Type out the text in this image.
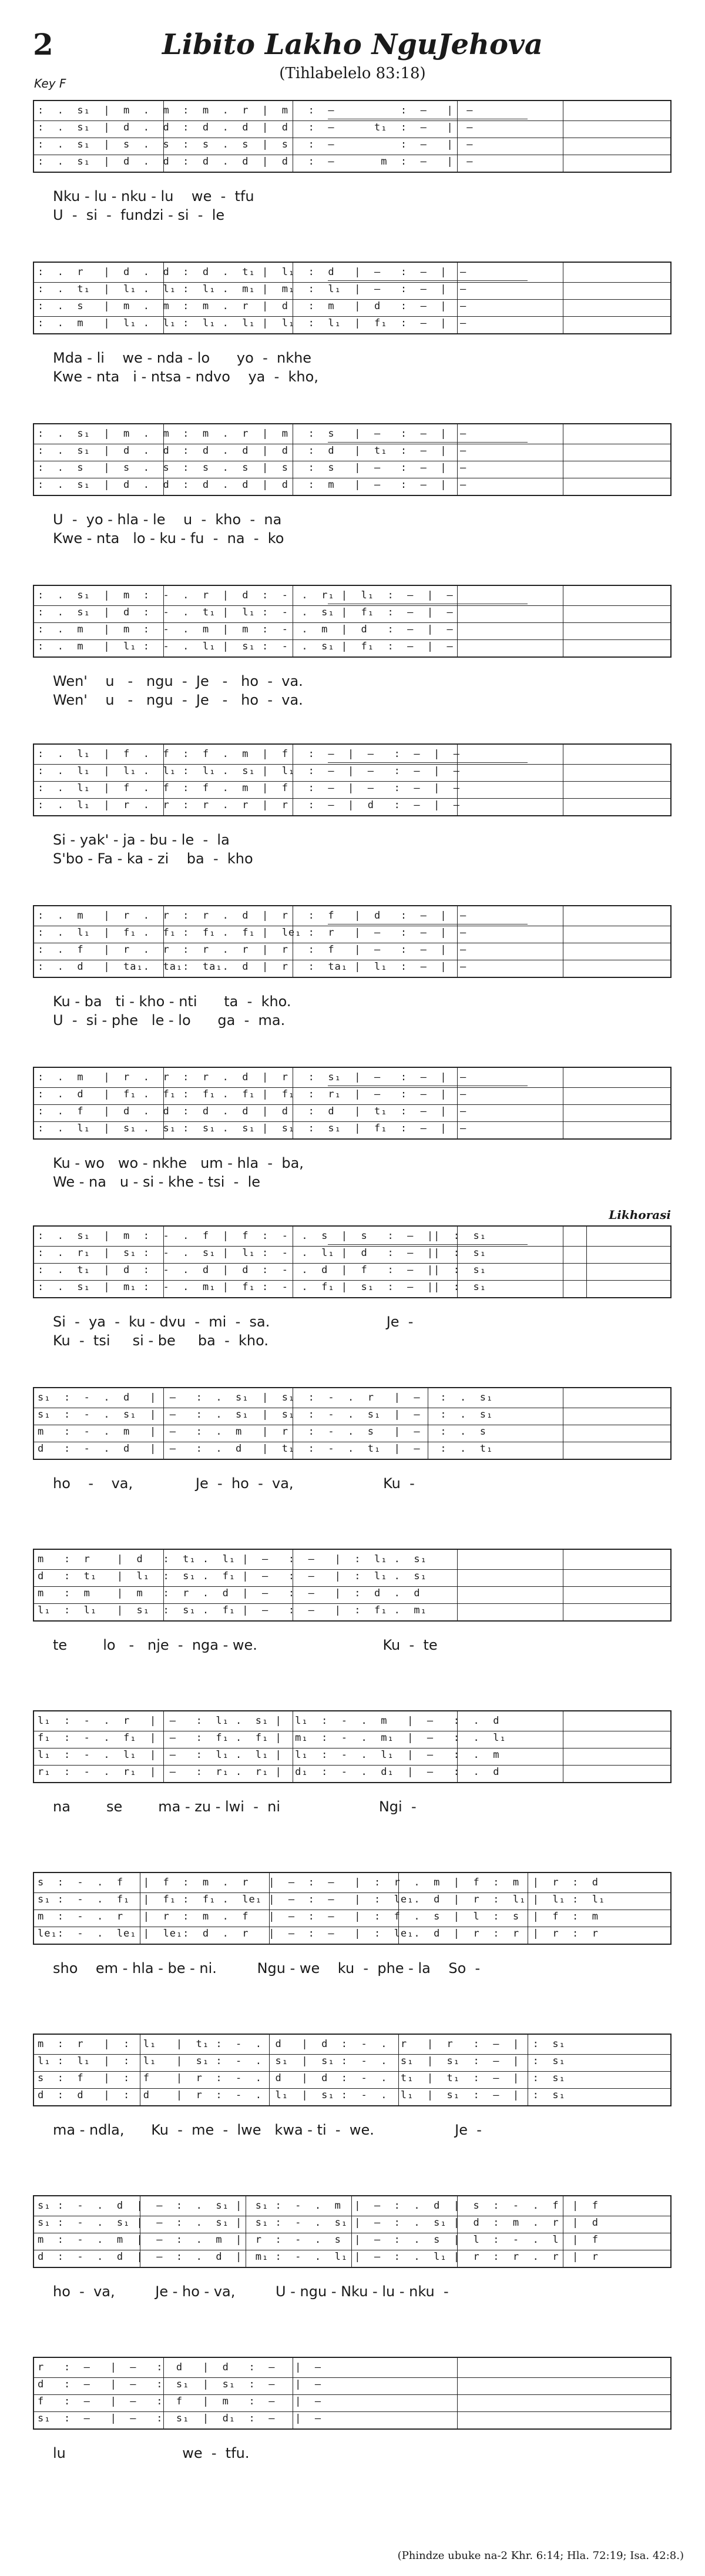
2	Libito Lakho NguJehova
(Tihlabelelo 83:18)
Key F
Likhorasi
:  .  s₁  |  m  .  m  :  m  .  r  |  m   :  —          :  —   |  —
:  .  s₁  |  d  .  d  :  d  .  d  |  d   :  —      t₁  :  —   |  —
:  .  s₁  |  s  .  s  :  s  .  s  |  s   :  —          :  —   |  —
:  .  s₁  |  d  .  d  :  d  .  d  |  d   :  —       m  :  —   |  —
Nku - lu - nku - lu    we  -  tfu
U  -  si  -  fundzi - si  -  le
:  .  r   |  d  .  d  :  d  .  t₁ |  l₁  :  d   |  —   :  —  |  —
:  .  t₁  |  l₁ .  l₁ :  l₁ .  m₁ |  m₁  :  l₁  |  —   :  —  |  —
:  .  s   |  m  .  m  :  m  .  r  |  d   :  m   |  d   :  —  |  —
:  .  m   |  l₁ .  l₁ :  l₁ .  l₁ |  l₁  :  l₁  |  f₁  :  —  |  —
Mda - li    we - nda - lo      yo  -  nkhe
Kwe - nta   i - ntsa - ndvo    ya  -  kho,
:  .  s₁  |  m  .  m  :  m  .  r  |  m   :  s   |  —   :  —  |  —
:  .  s₁  |  d  .  d  :  d  .  d  |  d   :  d   |  t₁  :  —  |  —
:  .  s   |  s  .  s  :  s  .  s  |  s   :  s   |  —   :  —  |  —
:  .  s₁  |  d  .  d  :  d  .  d  |  d   :  m   |  —   :  —  |  —
U  -  yo - hla - le    u  -  kho  -  na
Kwe - nta   lo - ku - fu  -  na  -  ko
:  .  s₁  |  m  :  -  .  r  |  d  :  -  .  r₁ |  l₁  :  —  |  —
:  .  s₁  |  d  :  -  .  t₁ |  l₁ :  -  .  s₁ |  f₁  :  —  |  —
:  .  m   |  m  :  -  .  m  |  m  :  -  .  m  |  d   :  —  |  —
:  .  m   |  l₁ :  -  .  l₁ |  s₁ :  -  .  s₁ |  f₁  :  —  |  —
Wen'    u   -   ngu  -  Je   -   ho  -  va.
Wen'    u   -   ngu  -  Je   -   ho  -  va.
:  .  l₁  |  f  .  f  :  f  .  m  |  f   :  —  |  —   :  —  |  —
:  .  l₁  |  l₁ .  l₁ :  l₁ .  s₁ |  l₁  :  —  |  —   :  —  |  —
:  .  l₁  |  f  .  f  :  f  .  m  |  f   :  —  |  —   :  —  |  —
:  .  l₁  |  r  .  r  :  r  .  r  |  r   :  —  |  d   :  —  |  —
Si - yak' - ja - bu - le  -  la
S'bo - Fa - ka - zi    ba  -  kho
:  .  m   |  r  .  r  :  r  .  d  |  r   :  f   |  d   :  —  |  —
:  .  l₁  |  f₁ .  f₁ :  f₁ .  f₁ |  le₁ :  r   |  —   :  —  |  —
:  .  f   |  r  .  r  :  r  .  r  |  r   :  f   |  —   :  —  |  —
:  .  d   |  ta₁.  ta₁:  ta₁.  d  |  r   :  ta₁ |  l₁  :  —  |  —
Ku - ba   ti - kho - nti      ta  -  kho.
U  -  si - phe   le - lo      ga  -  ma.
:  .  m   |  r  .  r  :  r  .  d  |  r   :  s₁  |  —   :  —  |  —
:  .  d   |  f₁ .  f₁ :  f₁ .  f₁ |  f₁  :  r₁  |  —   :  —  |  —
:  .  f   |  d  .  d  :  d  .  d  |  d   :  d   |  t₁  :  —  |  —
:  .  l₁  |  s₁ .  s₁ :  s₁ .  s₁ |  s₁  :  s₁  |  f₁  :  —  |  —
Ku - wo   wo - nkhe   um - hla  -  ba,
We - na   u - si - khe - tsi  -  le
:  .  s₁  |  m  :  -  .  f  |  f  :  -  .  s  |  s   :  —  ||  :  s₁
:  .  r₁  |  s₁ :  -  .  s₁ |  l₁ :  -  .  l₁ |  d   :  —  ||  :  s₁
:  .  t₁  |  d  :  -  .  d  |  d  :  -  .  d  |  f   :  —  ||  :  s₁
:  .  s₁  |  m₁ :  -  .  m₁ |  f₁ :  -  .  f₁ |  s₁  :  —  ||  :  s₁
Si  -  ya  -  ku - dvu  -  mi  -  sa.                          Je  -
Ku  -  tsi     si - be     ba  -  kho.
s₁  :  -  .  d   |  —   :  .  s₁  |  s₁  :  -  .  r   |  —   :  .  s₁
s₁  :  -  .  s₁  |  —   :  .  s₁  |  s₁  :  -  .  s₁  |  —   :  .  s₁
m   :  -  .  m   |  —   :  .  m   |  r   :  -  .  s   |  —   :  .  s
d   :  -  .  d   |  —   :  .  d   |  t₁  :  -  .  t₁  |  —   :  .  t₁
ho    -    va,              Je  -  ho  -  va,                    Ku  -
m   :  r    |  d   :  t₁ .  l₁ |  —   :  —   |  :  l₁ .  s₁
d   :  t₁   |  l₁  :  s₁ .  f₁ |  —   :  —   |  :  l₁ .  s₁
m   :  m    |  m   :  r  .  d  |  —   :  —   |  :  d  .  d
l₁  :  l₁   |  s₁  :  s₁ .  f₁ |  —   :  —   |  :  f₁ .  m₁
te        lo   -   nje  -  nga - we.                            Ku  -  te
l₁  :  -  .  r   |  —   :  l₁ .  s₁ |  l₁  :  -  .  m   |  —   :  .  d
f₁  :  -  .  f₁  |  —   :  f₁ .  f₁ |  m₁  :  -  .  m₁  |  —   :  .  l₁
l₁  :  -  .  l₁  |  —   :  l₁ .  l₁ |  l₁  :  -  .  l₁  |  —   :  .  m
r₁  :  -  .  r₁  |  —   :  r₁ .  r₁ |  d₁  :  -  .  d₁  |  —   :  .  d
na        se        ma - zu - lwi  -  ni                      Ngi  -
s  :  -  .  f   |  f  :  m  .  r   |  —  :  —   |  :  r  .  m  |  f  :  m  |  r  :  d
s₁ :  -  .  f₁  |  f₁ :  f₁ .  le₁ |  —  :  —   |  :  le₁.  d  |  r  :  l₁ |  l₁ :  l₁
m  :  -  .  r   |  r  :  m  .  f   |  —  :  —   |  :  f  .  s  |  l  :  s  |  f  :  m
le₁:  -  .  le₁ |  le₁:  d  .  r   |  —  :  —   |  :  le₁.  d  |  r  :  r  |  r  :  r
sho    em - hla - be - ni.         Ngu - we    ku  -  phe - la    So  -
m  :  r   |  :  l₁   |  t₁ :  -  .  d   |  d  :  -  .  r   |  r   :  —  |  :  s₁
l₁ :  l₁  |  :  l₁   |  s₁ :  -  .  s₁  |  s₁ :  -  .  s₁  |  s₁  :  —  |  :  s₁
s  :  f   |  :  f    |  r  :  -  .  d   |  d  :  -  .  t₁  |  t₁  :  —  |  :  s₁
d  :  d   |  :  d    |  r  :  -  .  l₁  |  s₁ :  -  .  l₁  |  s₁  :  —  |  :  s₁
ma - ndla,      Ku  -  me  -  lwe   kwa - ti  -  we.                  Je  -
s₁ :  -  .  d  |  —  :  .  s₁ |  s₁ :  -  .  m  |  —  :  .  d  |  s  :  -  .  f  |  f
s₁ :  -  .  s₁ |  —  :  .  s₁ |  s₁ :  -  .  s₁ |  —  :  .  s₁ |  d  :  m  .  r  |  d
m  :  -  .  m  |  —  :  .  m  |  r  :  -  .  s  |  —  :  .  s  |  l  :  -  .  l  |  f
d  :  -  .  d  |  —  :  .  d  |  m₁ :  -  .  l₁ |  —  :  .  l₁ |  r  :  r  .  r  |  r
ho  -  va,         Je - ho - va,         U - ngu - Nku - lu - nku  -
r   :  —   |  —   :  d   |  d   :  —   |  —
d   :  —   |  —   :  s₁  |  s₁  :  —   |  —
f   :  —   |  —   :  f   |  m   :  —   |  —
s₁  :  —   |  —   :  s₁  |  d₁  :  —   |  —
lu                          we  -  tfu.
(Phindze ubuke na-2 Khr. 6:14; Hla. 72:19; Isa. 42:8.)
